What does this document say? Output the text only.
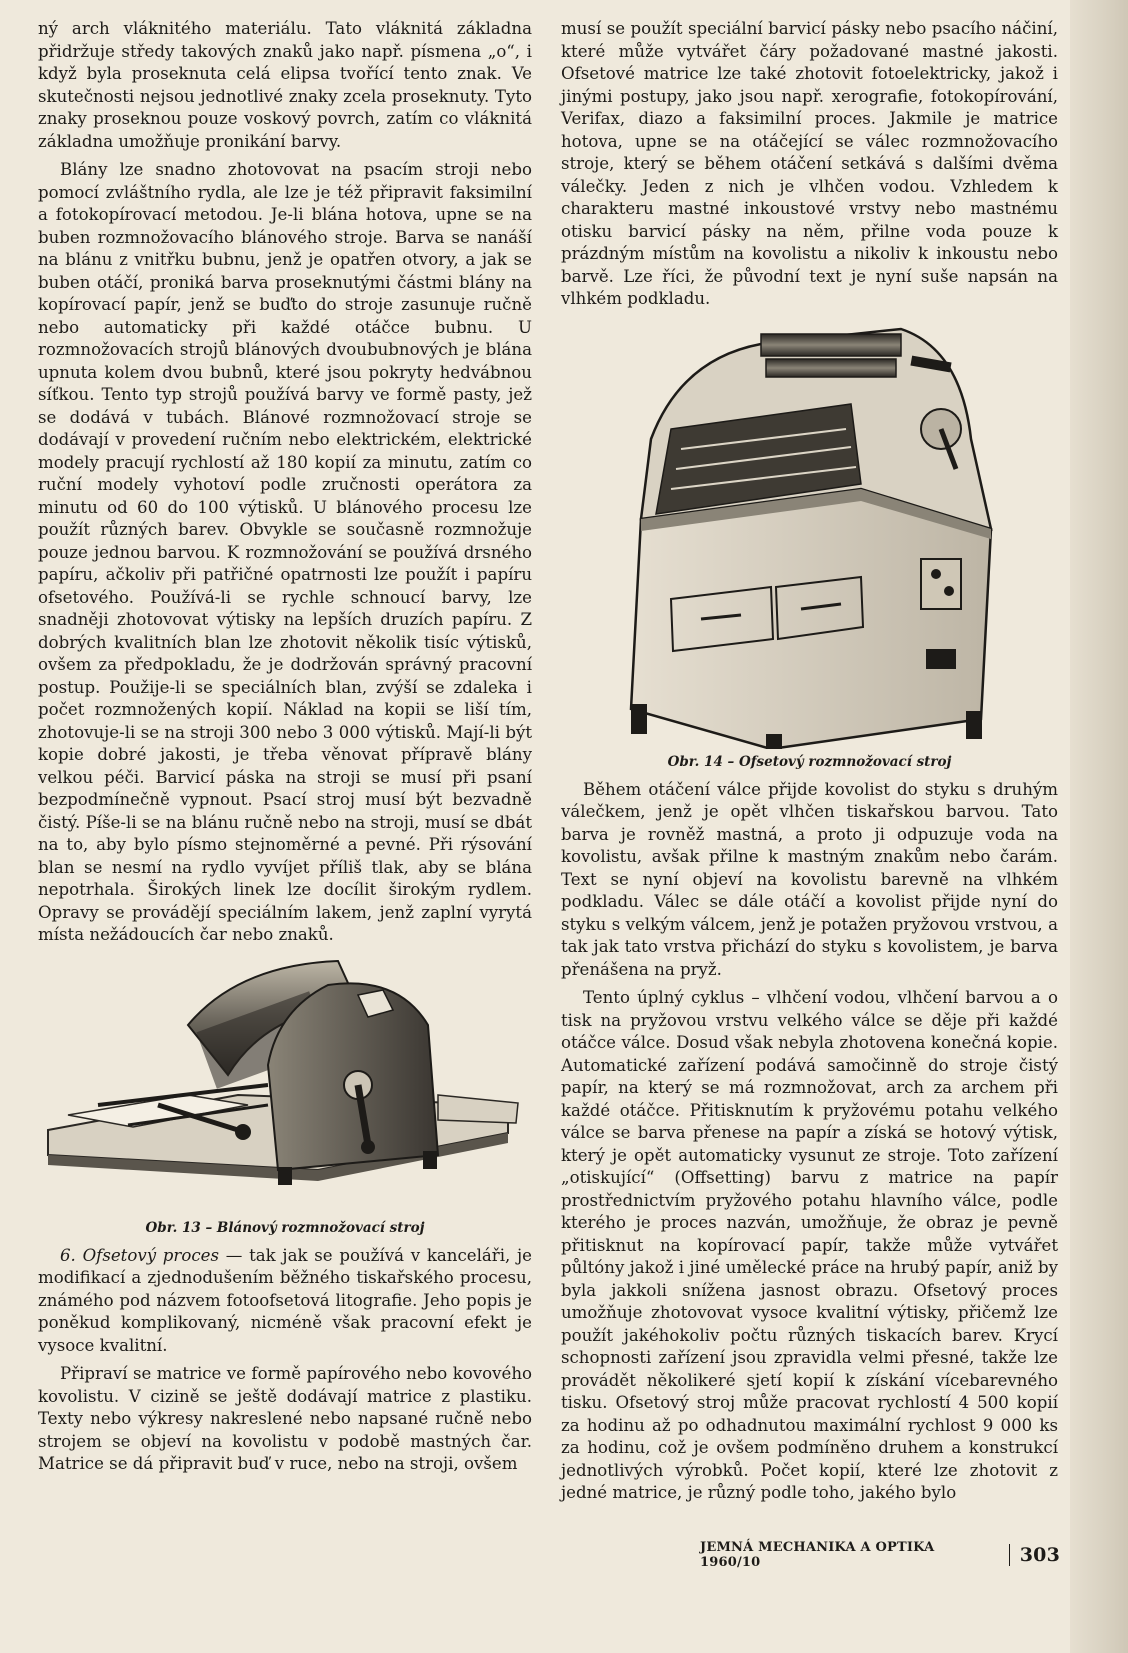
ný arch vláknitého materiálu. Tato vláknitá základna přidržuje středy takových znaků jako např. písmena „o“, i když byla proseknuta celá elipsa tvořící tento znak. Ve skutečnosti nejsou jednotlivé znaky zcela proseknuty. Tyto znaky proseknou pouze voskový povrch, zatím co vláknitá základna umožňuje pronikání barvy.

Blány lze snadno zhotovovat na psacím stroji nebo pomocí zvláštního rydla, ale lze je též připravit faksimilní a fotokopírovací metodou. Je-li blána hotova, upne se na buben rozmnožovacího blánového stroje. Barva se nanáší na blánu z vnitřku bubnu, jenž je opatřen otvory, a jak se buben otáčí, proniká barva proseknutými částmi blány na kopírovací papír, jenž se buďto do stroje zasunuje ručně nebo automaticky při každé otáčce bubnu. U rozmnožovacích strojů blánových dvoububnových je blána upnuta kolem dvou bubnů, které jsou pokryty hedvábnou síťkou. Tento typ strojů používá barvy ve formě pasty, jež se dodává v tubách. Blánové rozmnožovací stroje se dodávají v provedení ručním nebo elektrickém, elektrické modely pracují rychlostí až 180 kopií za minutu, zatím co ruční modely vyhotoví podle zručnosti operátora za minutu od 60 do 100 výtisků. U blánového procesu lze použít různých barev. Obvykle se současně rozmnožuje pouze jednou barvou. K rozmnožování se používá drsného papíru, ačkoliv při patřičné opatrnosti lze použít i papíru ofsetového. Používá-li se rychle schnoucí barvy, lze snadněji zhotovovat výtisky na lepších druzích papíru. Z dobrých kvalitních blan lze zhotovit několik tisíc výtisků, ovšem za předpokladu, že je dodržován správný pracovní postup. Použije-li se speciálních blan, zvýší se zdaleka i počet rozmnožených kopií. Náklad na kopii se liší tím, zhotovuje-li se na stroji 300 nebo 3 000 výtisků. Mají-li být kopie dobré jakosti, je třeba věnovat přípravě blány velkou péči. Barvicí páska na stroji se musí při psaní bezpodmínečně vypnout. Psací stroj musí být bezvadně čistý. Píše-li se na blánu ručně nebo na stroji, musí se dbát na to, aby bylo písmo stejnoměrné a pevné. Při rýsování blan se nesmí na rydlo vyvíjet příliš tlak, aby se blána nepotrhala. Širokých linek lze docílit širokým rydlem. Opravy se provádějí speciálním lakem, jenž zaplní vyrytá místa nežádoucích čar nebo znaků.

Obr. 13 – Blánový rozmnožovací stroj

6. Ofsetový proces — tak jak se používá v kanceláři, je modifikací a zjednodušením běžného tiskařského procesu, známého pod názvem fotoofsetová litografie. Jeho popis je poněkud komplikovaný, nicméně však pracovní efekt je vysoce kvalitní.

Připraví se matrice ve formě papírového nebo kovového kovolistu. V cizině se ještě dodávají matrice z plastiku. Texty nebo výkresy nakreslené nebo napsané ručně nebo strojem se objeví na kovolistu v podobě mastných čar. Matrice se dá připravit buď v ruce, nebo na stroji, ovšem

musí se použít speciální barvicí pásky nebo psacího náčiní, které může vytvářet čáry požadované mastné jakosti. Ofsetové matrice lze také zhotovit fotoelektricky, jakož i jinými postupy, jako jsou např. xerografie, fotokopírování, Verifax, diazo a faksimilní proces. Jakmile je matrice hotova, upne se na otáčející se válec rozmnožovacího stroje, který se během otáčení setkává s dalšími dvěma válečky. Jeden z nich je vlhčen vodou. Vzhledem k charakteru mastné inkoustové vrstvy nebo mastnému otisku barvicí pásky na něm, přilne voda pouze k prázdným místům na kovolistu a nikoliv k inkoustu nebo barvě. Lze říci, že původní text je nyní suše napsán na vlhkém podkladu.

Obr. 14 – Ofsetový rozmnožovací stroj

Během otáčení válce přijde kovolist do styku s druhým válečkem, jenž je opět vlhčen tiskařskou barvou. Tato barva je rovněž mastná, a proto ji odpuzuje voda na kovolistu, avšak přilne k mastným znakům nebo čarám. Text se nyní objeví na kovolistu barevně na vlhkém podkladu. Válec se dále otáčí a kovolist přijde nyní do styku s velkým válcem, jenž je potažen pryžovou vrstvou, a tak jak tato vrstva přichází do styku s kovolistem, je barva přenášena na pryž.

Tento úplný cyklus – vlhčení vodou, vlhčení barvou a o tisk na pryžovou vrstvu velkého válce se děje při každé otáčce válce. Dosud však nebyla zhotovena konečná kopie. Automatické zařízení podává samočinně do stroje čistý papír, na který se má rozmnožovat, arch za archem při každé otáčce. Přitisknutím k pryžovému potahu velkého válce se barva přenese na papír a získá se hotový výtisk, který je opět automaticky vysunut ze stroje. Toto zařízení „otiskující“ (Offsetting) barvu z matrice na papír prostřednictvím pryžového potahu hlavního válce, podle kterého je proces nazván, umožňuje, že obraz je pevně přitisknut na kopírovací papír, takže může vytvářet půltóny jakož i jiné umělecké práce na hrubý papír, aniž by byla jakkoli snížena jasnost obrazu. Ofsetový proces umožňuje zhotovovat vysoce kvalitní výtisky, přičemž lze použít jakéhokoliv počtu různých tiskacích barev. Krycí schopnosti zařízení jsou zpravidla velmi přesné, takže lze provádět několikeré sjetí kopií k získání vícebarevného tisku. Ofsetový stroj může pracovat rychlostí 4 500 kopií za hodinu až po odhadnutou maximální rychlost 9 000 ks za hodinu, což je ovšem podmíněno druhem a konstrukcí jednotlivých výrobků. Počet kopií, které lze zhotovit z jedné matrice, je různý podle toho, jakého bylo

JEMNÁ MECHANIKA A OPTIKA 1960/10	303
